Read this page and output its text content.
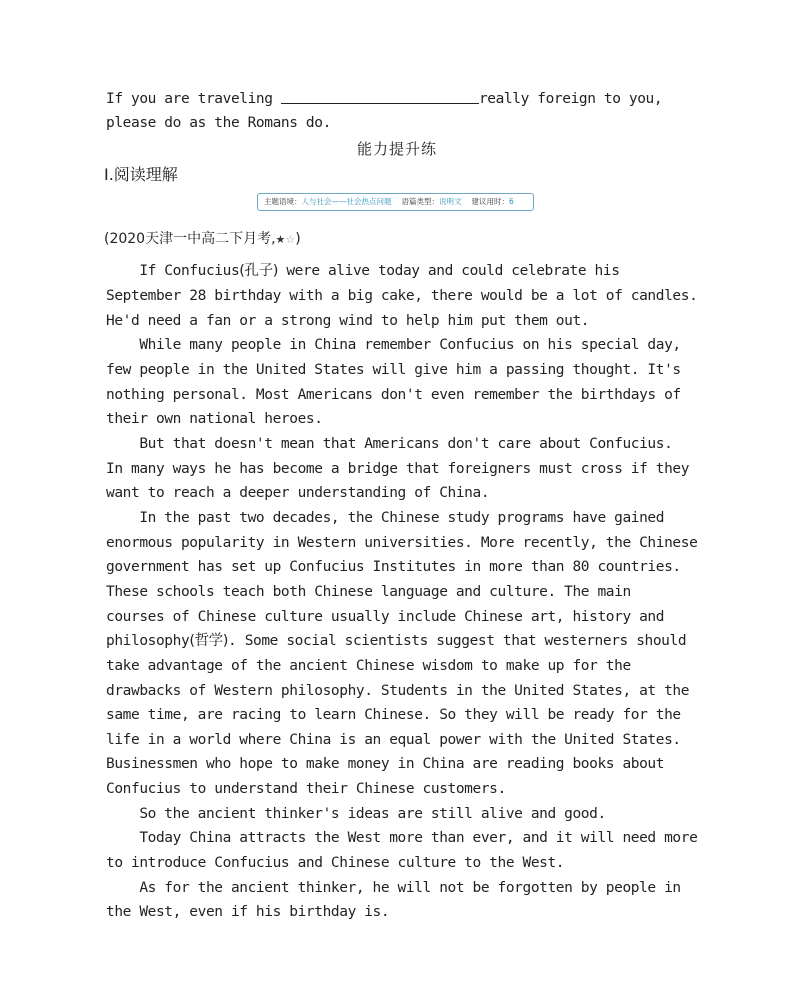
If you are traveling	really foreign to you,
please do as the Romans do.
能力提升练
Ⅰ.阅读理解
主题语境：人与社会——社会热点问题 语篇类型：说明文 建议用时：6
(2020天津一中高二下月考,★☆)
If Confucius(孔子) were alive today and could celebrate his
September 28 birthday with a big cake, there would be a lot of candles.
He'd need a fan or a strong wind to help him put them out.
While many people in China remember Confucius on his special day,
few people in the United States will give him a passing thought. It's
nothing personal. Most Americans don't even remember the birthdays of
their own national heroes.
But that doesn't mean that Americans don't care about Confucius.
In many ways he has become a bridge that foreigners must cross if they
want to reach a deeper understanding of China.
In the past two decades, the Chinese study programs have gained
enormous popularity in Western universities. More recently, the Chinese
government has set up Confucius Institutes in more than 80 countries.
These schools teach both Chinese language and culture. The main
courses of Chinese culture usually include Chinese art, history and
philosophy(哲学). Some social scientists suggest that westerners should
take advantage of the ancient Chinese wisdom to make up for the
drawbacks of Western philosophy. Students in the United States, at the
same time, are racing to learn Chinese. So they will be ready for the
life in a world where China is an equal power with the United States.
Businessmen who hope to make money in China are reading books about
Confucius to understand their Chinese customers.
So the ancient thinker's ideas are still alive and good.
Today China attracts the West more than ever, and it will need more
to introduce Confucius and Chinese culture to the West.
As for the ancient thinker, he will not be forgotten by people in
the West, even if his birthday is.
